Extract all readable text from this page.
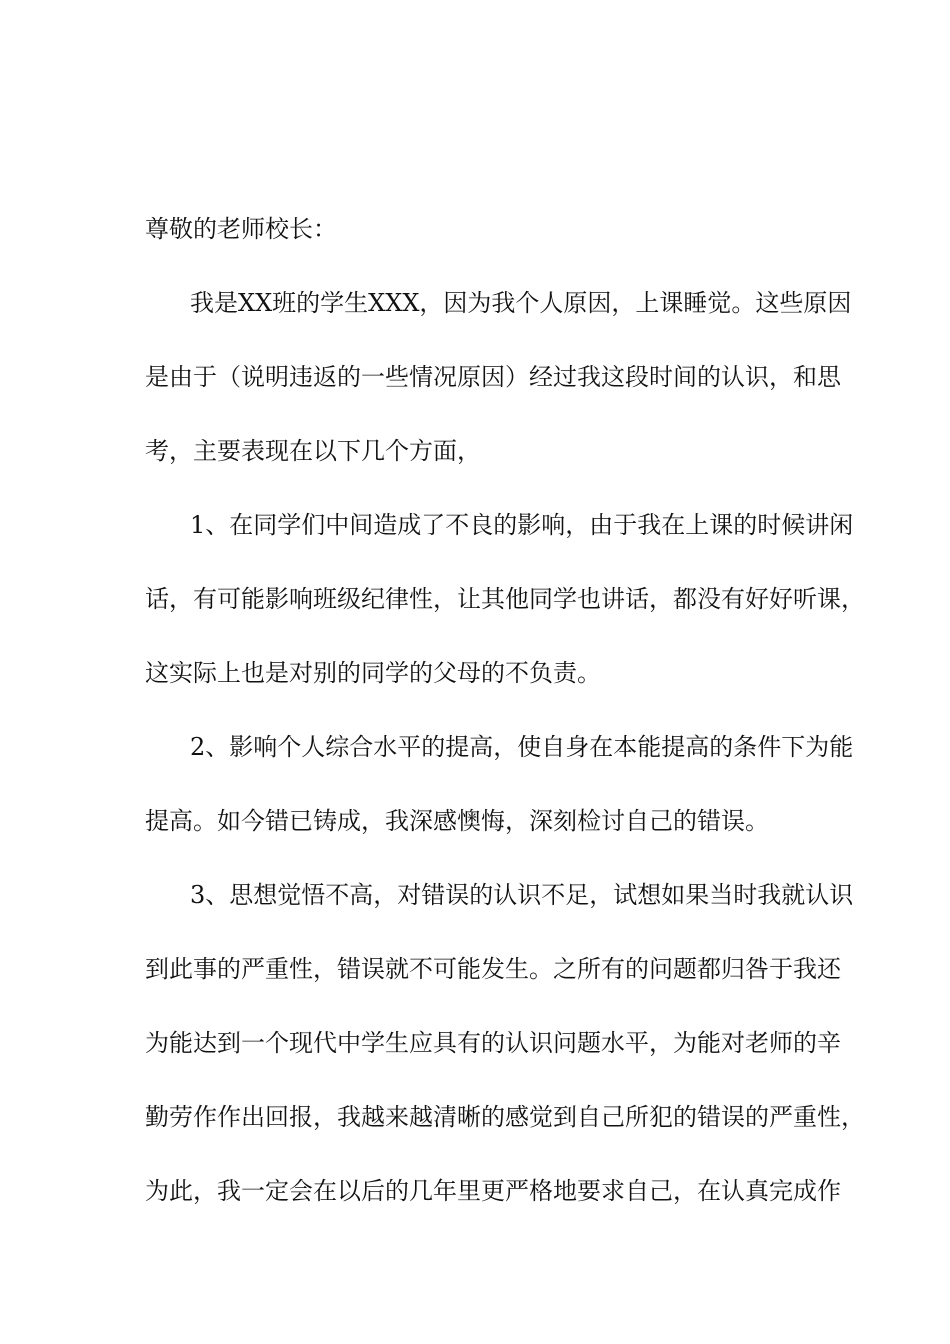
尊敬的老师校长：

我是XX班的学生XXX，因为我个人原因，上课睡觉。这些原因

是由于（说明违返的一些情况原因）经过我这段时间的认识，和思

考，主要表现在以下几个方面，

1、在同学们中间造成了不良的影响，由于我在上课的时候讲闲

话，有可能影响班级纪律性，让其他同学也讲话，都没有好好听课，

这实际上也是对别的同学的父母的不负责。

2、影响个人综合水平的提高，使自身在本能提高的条件下为能

提高。如今错已铸成，我深感懊悔，深刻检讨自己的错误。

3、思想觉悟不高，对错误的认识不足，试想如果当时我就认识

到此事的严重性，错误就不可能发生。之所有的问题都归咎于我还

为能达到一个现代中学生应具有的认识问题水平，为能对老师的辛

勤劳作作出回报，我越来越清晰的感觉到自己所犯的错误的严重性，

为此，我一定会在以后的几年里更严格地要求自己，在认真完成作
